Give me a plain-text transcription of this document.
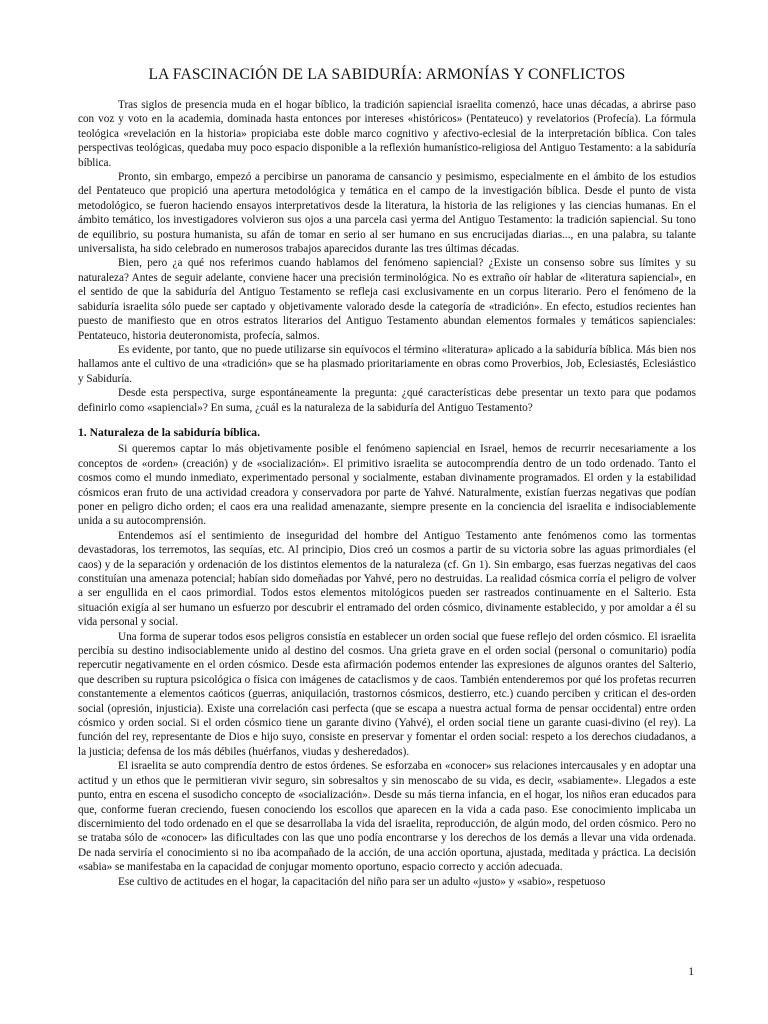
LA FASCINACIÓN DE LA SABIDURÍA: ARMONÍAS Y CONFLICTOS

Tras siglos de presencia muda en el hogar bíblico, la tradición sapiencial israelita comenzó, hace unas décadas, a abrirse paso con voz y voto en la academia, dominada hasta entonces por intereses «históricos» (Pentateuco) y revelatorios (Profecía). La fórmula teológica «revelación en la historia» propiciaba este doble marco cognitivo y afectivo-eclesial de la interpretación bíblica. Con tales perspectivas teológicas, quedaba muy poco espacio disponible a la reflexión humanístico-religiosa del Antiguo Testamento: a la sabiduría bíblica.

Pronto, sin embargo, empezó a percibirse un panorama de cansancio y pesimismo, especialmente en el ámbito de los estudios del Pentateuco que propició una apertura metodológica y temática en el campo de la investigación bíblica. Desde el punto de vista metodológico, se fueron haciendo ensayos interpretativos desde la literatura, la historia de las religiones y las ciencias humanas. En el ámbito temático, los investigadores volvieron sus ojos a una parcela casi yerma del Antiguo Testamento: la tradición sapiencial. Su tono de equilibrio, su postura humanista, su afán de tomar en serio al ser humano en sus encrucijadas diarias..., en una palabra, su talante universalista, ha sido celebrado en numerosos trabajos aparecidos durante las tres últimas décadas.

Bien, pero ¿a qué nos referimos cuando hablamos del fenómeno sapiencial? ¿Existe un consenso sobre sus límites y su naturaleza? Antes de seguir adelante, conviene hacer una precisión terminológica. No es extraño oír hablar de «literatura sapiencial», en el sentido de que la sabiduría del Antiguo Testamento se refleja casi exclusivamente en un corpus literario. Pero el fenómeno de la sabiduría israelita sólo puede ser captado y objetivamente valorado desde la categoría de «tradición». En efecto, estudios recientes han puesto de manifiesto que en otros estratos literarios del Antiguo Testamento abundan elementos formales y temáticos sapienciales: Pentateuco, historia deuteronomista, profecía, salmos.

Es evidente, por tanto, que no puede utilizarse sin equívocos el término «literatura» aplicado a la sabiduría bíblica. Más bien nos hallamos ante el cultivo de una «tradición» que se ha plasmado prioritariamente en obras como Proverbios, Job, Eclesiastés, Eclesiástico y Sabiduría.

Desde esta perspectiva, surge espontáneamente la pregunta: ¿qué características debe presentar un texto para que podamos definirlo como «sapiencial»? En suma, ¿cuál es la naturaleza de la sabiduría del Antiguo Testamento?

1. Naturaleza de la sabiduría bíblica.

Si queremos captar lo más objetivamente posible el fenómeno sapiencial en Israel, hemos de recurrir necesariamente a los conceptos de «orden» (creación) y de «socialización». El primitivo israelita se autocomprendía dentro de un todo ordenado. Tanto el cosmos como el mundo inmediato, experimentado personal y socialmente, estaban divinamente programados. El orden y la estabilidad cósmicos eran fruto de una actividad creadora y conservadora por parte de Yahvé. Naturalmente, existían fuerzas negativas que podían poner en peligro dicho orden; el caos era una realidad amenazante, siempre presente en la conciencia del israelita e indisociablemente unida a su autocomprensión.

Entendemos así el sentimiento de inseguridad del hombre del Antiguo Testamento ante fenómenos como las tormentas devastadoras, los terremotos, las sequías, etc. Al principio, Dios creó un cosmos a partir de su victoria sobre las aguas primordiales (el caos) y de la separación y ordenación de los distintos elementos de la naturaleza (cf. Gn 1). Sin embargo, esas fuerzas negativas del caos constituían una amenaza potencial; habían sido domeñadas por Yahvé, pero no destruidas. La realidad cósmica corría el peligro de volver a ser engullida en el caos primordial. Todos estos elementos mitológicos pueden ser rastreados continuamente en el Salterio. Esta situación exigía al ser humano un esfuerzo por descubrir el entramado del orden cósmico, divinamente establecido, y por amoldar a él su vida personal y social.

Una forma de superar todos esos peligros consistía en establecer un orden social que fuese reflejo del orden cósmico. El israelita percibía su destino indisociablemente unido al destino del cosmos. Una grieta grave en el orden social (personal o comunitario) podía repercutir negativamente en el orden cósmico. Desde esta afirmación podemos entender las expresiones de algunos orantes del Salterio, que describen su ruptura psicológica o física con imágenes de cataclismos y de caos. También entenderemos por qué los profetas recurren constantemente a elementos caóticos (guerras, aniquilación, trastornos cósmicos, destierro, etc.) cuando perciben y critican el des-orden social (opresión, injusticia). Existe una correlación casi perfecta (que se escapa a nuestra actual forma de pensar occidental) entre orden cósmico y orden social. Si el orden cósmico tiene un garante divino (Yahvé), el orden social tiene un garante cuasi-divino (el rey). La función del rey, representante de Dios e hijo suyo, consiste en preservar y fomentar el orden social: respeto a los derechos ciudadanos, a la justicia; defensa de los más débiles (huérfanos, viudas y desheredados).

El israelita se auto comprendía dentro de estos órdenes. Se esforzaba en «conocer» sus relaciones intercausales y en adoptar una actitud y un ethos que le permitieran vivir seguro, sin sobresaltos y sin menoscabo de su vida, es decir, «sabiamente». Llegados a este punto, entra en escena el susodicho concepto de «socialización». Desde su más tierna infancia, en el hogar, los niños eran educados para que, conforme fueran creciendo, fuesen conociendo los escollos que aparecen en la vida a cada paso. Ese conocimiento implicaba un discernimiento del todo ordenado en el que se desarrollaba la vida del israelita, reproducción, de algún modo, del orden cósmico. Pero no se trataba sólo de «conocer» las dificultades con las que uno podía encontrarse y los derechos de los demás a llevar una vida ordenada. De nada serviría el conocimiento si no iba acompañado de la acción, de una acción oportuna, ajustada, meditada y práctica. La decisión «sabia» se manifestaba en la capacidad de conjugar momento oportuno, espacio correcto y acción adecuada.

Ese cultivo de actitudes en el hogar, la capacitación del niño para ser un adulto «justo» y «sabio», respetuoso

1
